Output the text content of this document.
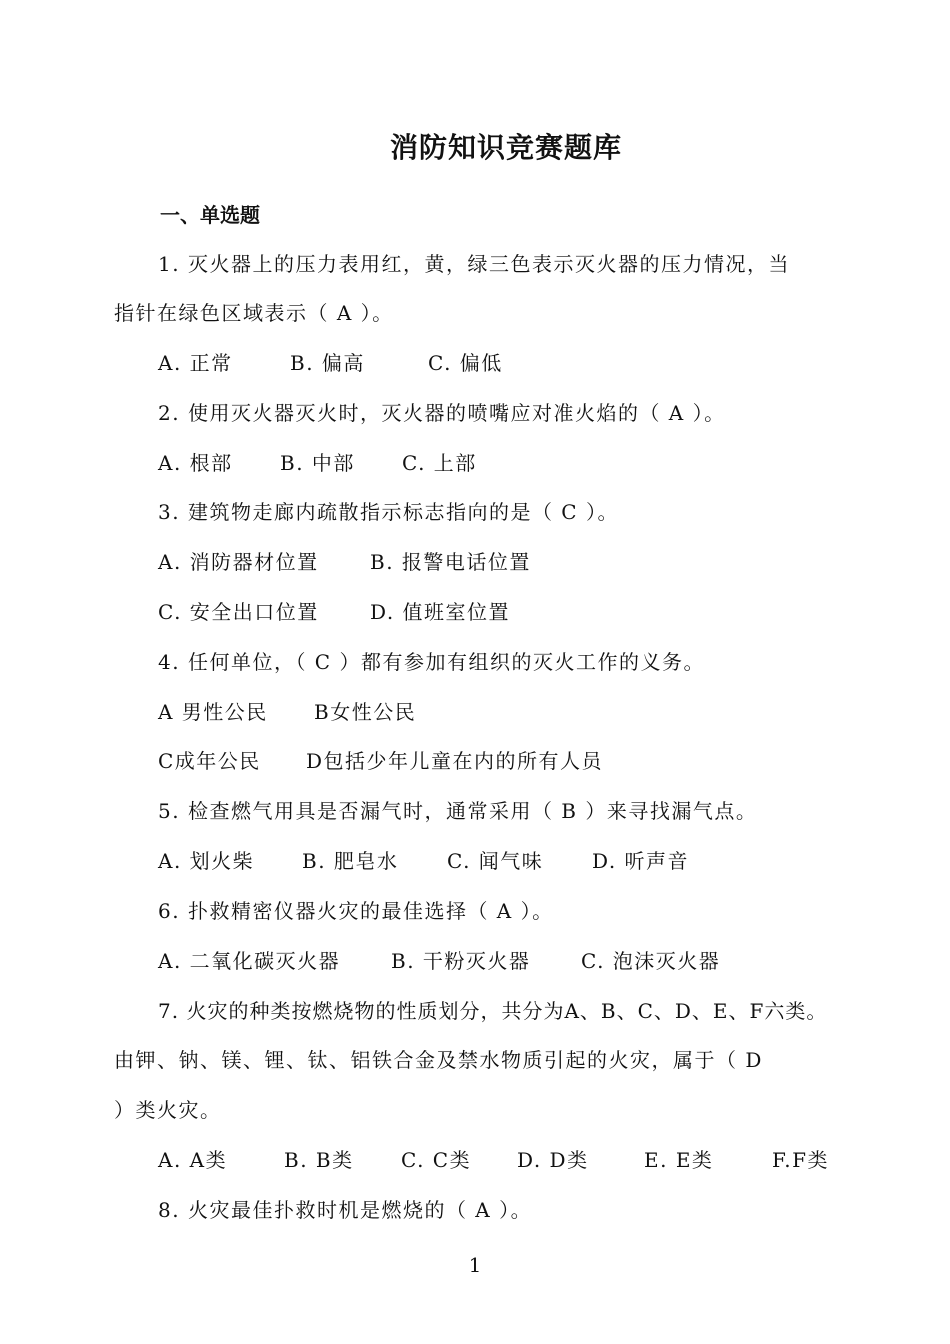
消防知识竞赛题库
一、单选题
1. 灭火器上的压力表用红，黄，绿三色表示灭火器的压力情况，当
指针在绿色区域表示（ A ）。
A. 正常	B. 偏高	C. 偏低
2. 使用灭火器灭火时，灭火器的喷嘴应对准火焰的（ A ）。
A. 根部 B. 中部 C. 上部
3. 建筑物走廊内疏散指示标志指向的是（ C ）。
A. 消防器材位置	B. 报警电话位置
C. 安全出口位置	D. 值班室位置
4. 任何单位，（ C ）都有参加有组织的灭火工作的义务。
A 男性公民 B女性公民
C成年公民 D包括少年儿童在内的所有人员
5. 检查燃气用具是否漏气时，通常采用（ B ）来寻找漏气点。
A. 划火柴 B. 肥皂水 C. 闻气味 D. 听声音
6. 扑救精密仪器火灾的最佳选择（ A ）。
A. 二氧化碳灭火器	B. 干粉灭火器	C. 泡沫灭火器
7. 火灾的种类按燃烧物的性质划分，共分为A、B、C、D、E、F六类。
由钾、钠、镁、锂、钛、铝铁合金及禁水物质引起的火灾，属于（ D
）类火灾。
A. A类	B. B类 C. C类 D. D类	E. E类	F.F类
8. 火灾最佳扑救时机是燃烧的（ A ）。
1
